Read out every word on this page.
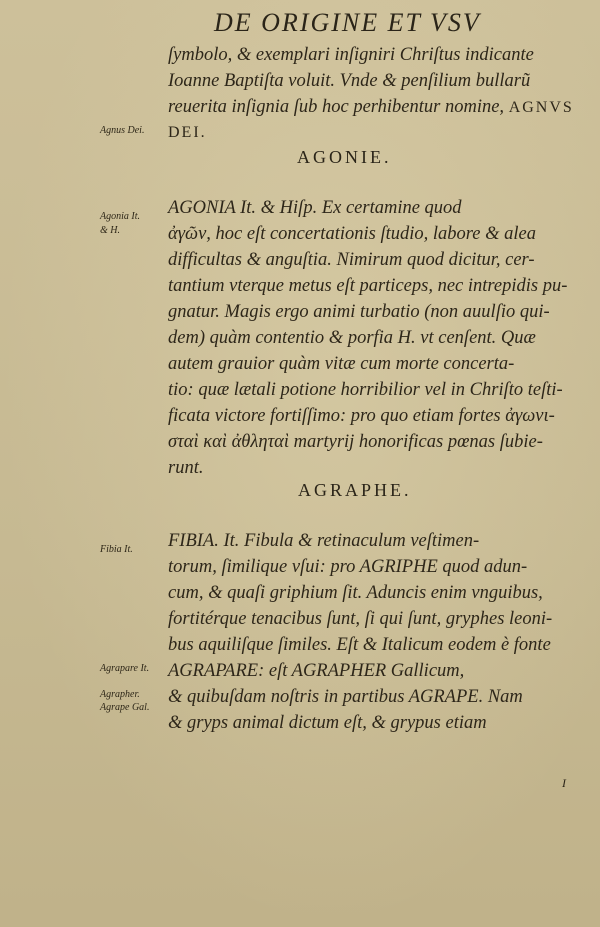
DE ORIGINE ET VSV
ſymbolo, & exemplari inſigniri Chriſtus indicante
Ioanne Baptiſta voluit. Vnde & penſilium bullarũ
reuerita inſignia ſub hoc perhibentur nomine, AGNVS
DEI.
Agnus Dei.
AGONIE.
Agonia It.
& H.
AGONIA It. & Hiſp. Ex certamine quod
ἀγῶν, hoc eſt concertationis ſtudio, labore & alea
difficultas & anguſtia. Nimirum quod dicitur, cer-
tantium vterque metus eſt particeps, nec intrepidis pu-
gnatur. Magis ergo animi turbatio (non auulſio qui-
dem) quàm contentio & porfia H. vt cenſent. Quæ
autem grauior quàm vitæ cum morte concerta-
tio: quæ lætali potione horribilior vel in Chriſto teſti-
ficata victore fortiſſimo: pro quo etiam fortes ἀγωνι-
σταὶ καὶ ἀθληταὶ martyrij honorificas pœnas ſubie-
runt.
AGRAPHE.
Fibia It.	FIBIA. It. Fibula & retinaculum veſtimen-
torum, ſimilique vſui: pro AGRIPHE quod adun-
cum, & quaſi griphium ſit. Aduncis enim vnguibus,
fortitérque tenacibus ſunt, ſi qui ſunt, gryphes leoni-
bus aquiliſque ſimiles. Eſt & Italicum eodem è fonte
AGRAPARE: eſt AGRAPHER Gallicum,
& quibuſdam noſtris in partibus AGRAPE. Nam
& gryps animal dictum eſt, & grypus etiam
Agrapare It.
Agrapher.
Agrape Gal.
I
